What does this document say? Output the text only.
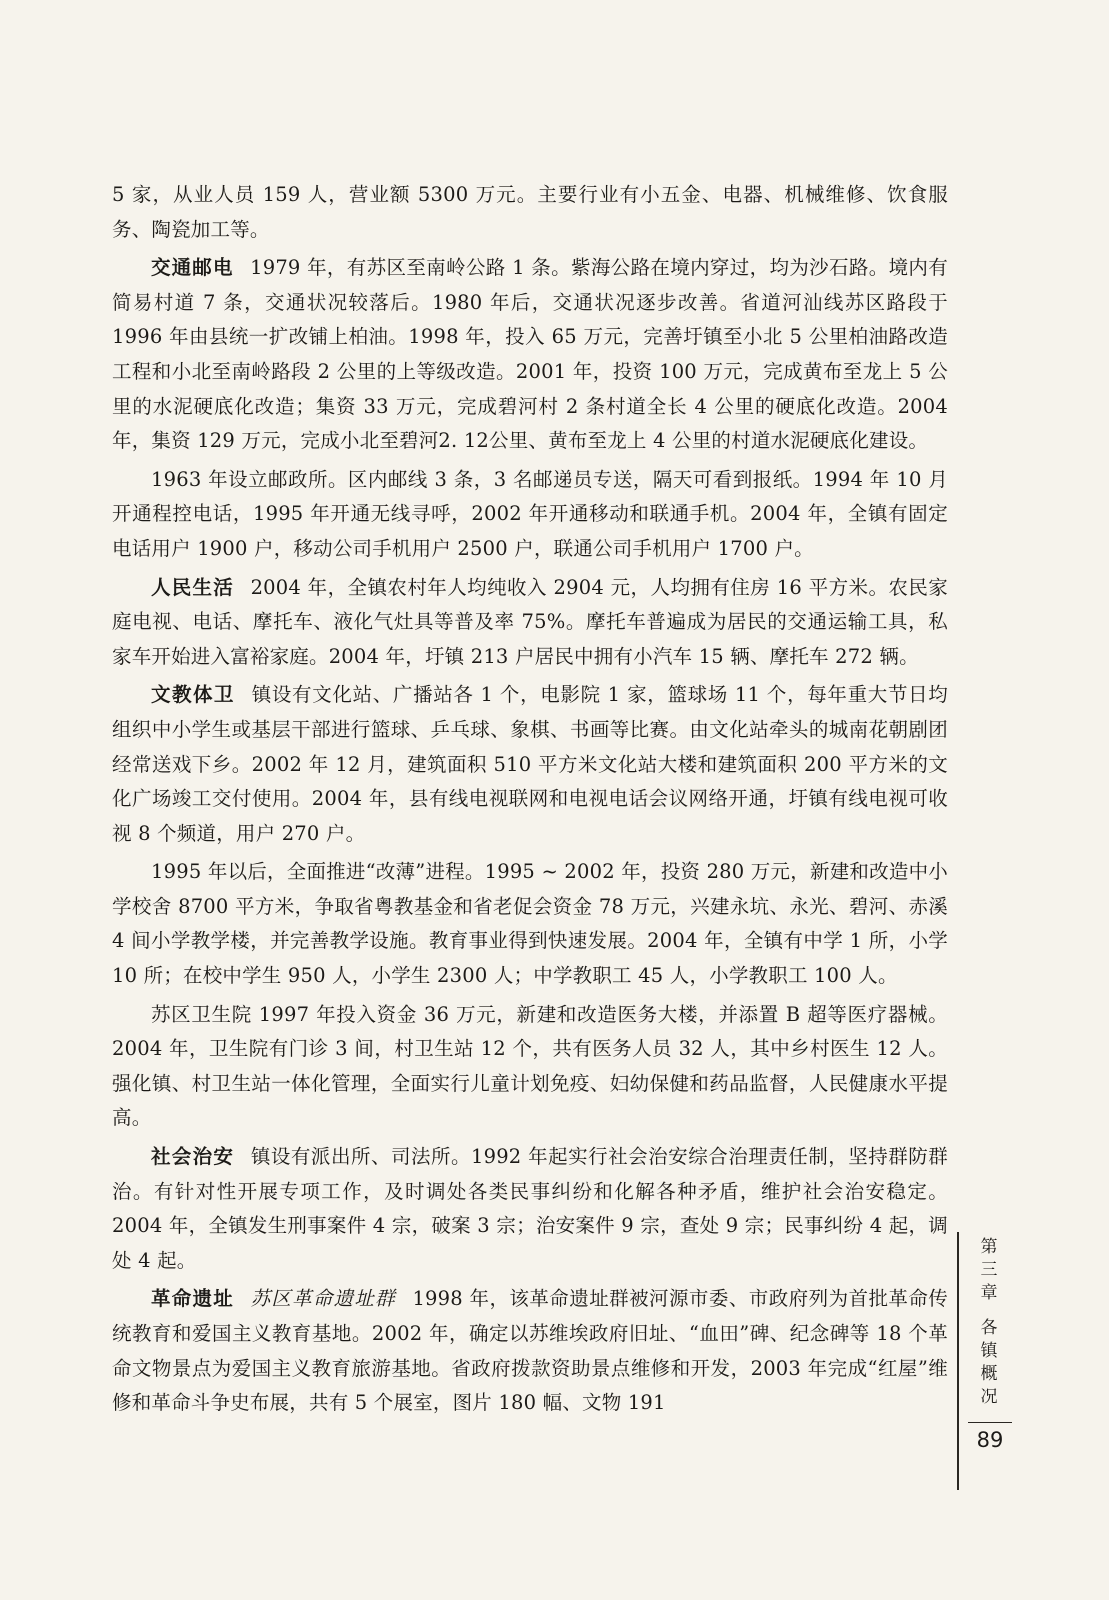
5 家，从业人员 159 人，营业额 5300 万元。主要行业有小五金、电器、机械维修、饮食服务、陶瓷加工等。

交通邮电  1979 年，有苏区至南岭公路 1 条。紫海公路在境内穿过，均为沙石路。境内有简易村道 7 条，交通状况较落后。1980 年后，交通状况逐步改善。省道河汕线苏区路段于 1996 年由县统一扩改铺上柏油。1998 年，投入 65 万元，完善圩镇至小北 5 公里柏油路改造工程和小北至南岭路段 2 公里的上等级改造。2001 年，投资 100 万元，完成黄布至龙上 5 公里的水泥硬底化改造；集资 33 万元，完成碧河村 2 条村道全长 4 公里的硬底化改造。2004 年，集资 129 万元，完成小北至碧河2. 12公里、黄布至龙上 4 公里的村道水泥硬底化建设。

1963 年设立邮政所。区内邮线 3 条，3 名邮递员专送，隔天可看到报纸。1994 年 10 月开通程控电话，1995 年开通无线寻呼，2002 年开通移动和联通手机。2004 年，全镇有固定电话用户 1900 户，移动公司手机用户 2500 户，联通公司手机用户 1700 户。

人民生活  2004 年，全镇农村年人均纯收入 2904 元，人均拥有住房 16 平方米。农民家庭电视、电话、摩托车、液化气灶具等普及率 75%。摩托车普遍成为居民的交通运输工具，私家车开始进入富裕家庭。2004 年，圩镇 213 户居民中拥有小汽车 15 辆、摩托车 272 辆。

文教体卫  镇设有文化站、广播站各 1 个，电影院 1 家，篮球场 11 个，每年重大节日均组织中小学生或基层干部进行篮球、乒乓球、象棋、书画等比赛。由文化站牵头的城南花朝剧团经常送戏下乡。2002 年 12 月，建筑面积 510 平方米文化站大楼和建筑面积 200 平方米的文化广场竣工交付使用。2004 年，县有线电视联网和电视电话会议网络开通，圩镇有线电视可收视 8 个频道，用户 270 户。

1995 年以后，全面推进“改薄”进程。1995 ~ 2002 年，投资 280 万元，新建和改造中小学校舍 8700 平方米，争取省粤教基金和省老促会资金 78 万元，兴建永坑、永光、碧河、赤溪 4 间小学教学楼，并完善教学设施。教育事业得到快速发展。2004 年，全镇有中学 1 所，小学 10 所；在校中学生 950 人，小学生 2300 人；中学教职工 45 人，小学教职工 100 人。

苏区卫生院 1997 年投入资金 36 万元，新建和改造医务大楼，并添置 B 超等医疗器械。2004 年，卫生院有门诊 3 间，村卫生站 12 个，共有医务人员 32 人，其中乡村医生 12 人。强化镇、村卫生站一体化管理，全面实行儿童计划免疫、妇幼保健和药品监督，人民健康水平提高。

社会治安  镇设有派出所、司法所。1992 年起实行社会治安综合治理责任制，坚持群防群治。有针对性开展专项工作，及时调处各类民事纠纷和化解各种矛盾，维护社会治安稳定。2004 年，全镇发生刑事案件 4 宗，破案 3 宗；治安案件 9 宗，查处 9 宗；民事纠纷 4 起，调处 4 起。

革命遗址  苏区革命遗址群  1998 年，该革命遗址群被河源市委、市政府列为首批革命传统教育和爱国主义教育基地。2002 年，确定以苏维埃政府旧址、“血田”碑、纪念碑等 18 个革命文物景点为爱国主义教育旅游基地。省政府拨款资助景点维修和开发，2003 年完成“红屋”维修和革命斗争史布展，共有 5 个展室，图片 180 幅、文物 191

第
三
章
各
镇
概
况
89
